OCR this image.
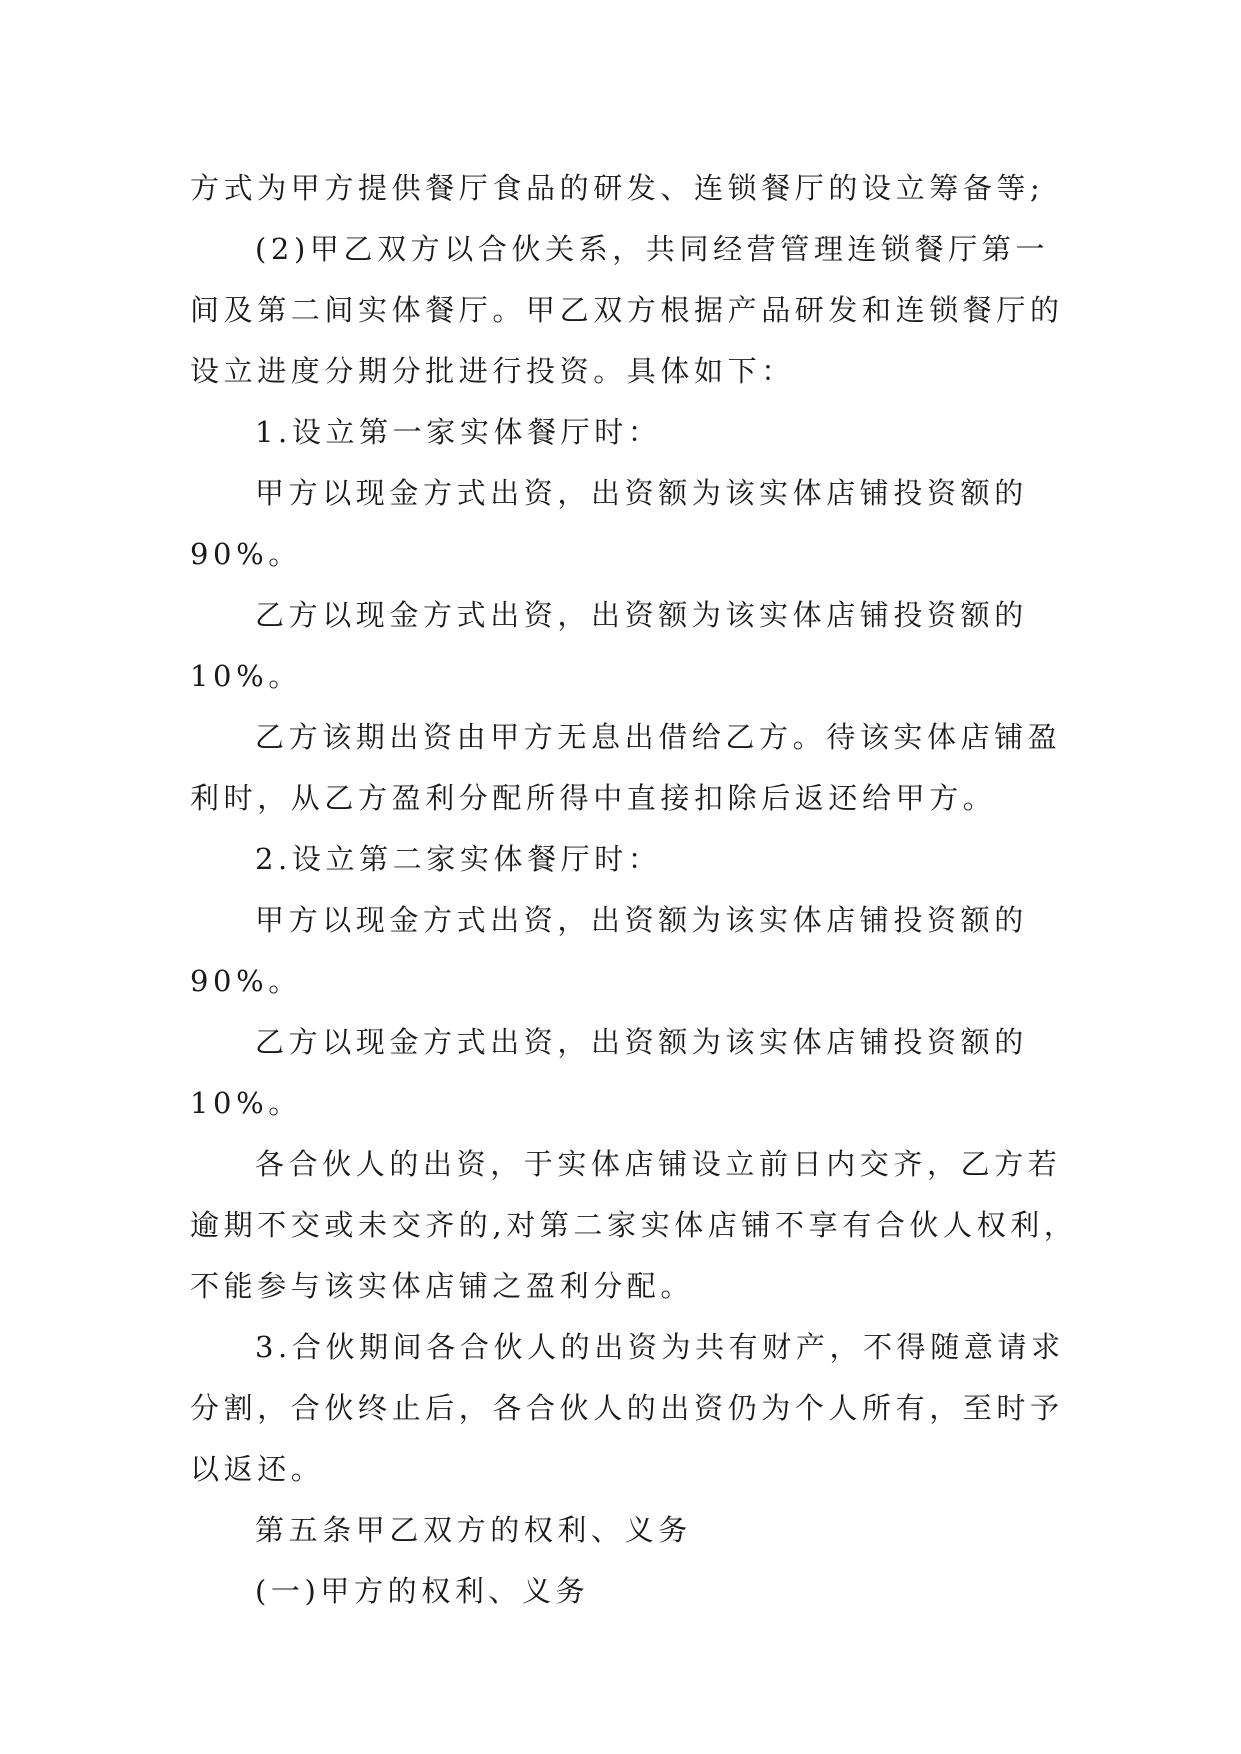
方式为甲方提供餐厅食品的研发、连锁餐厅的设立筹备等;
(2)甲乙双方以合伙关系，共同经营管理连锁餐厅第一
间及第二间实体餐厅。甲乙双方根据产品研发和连锁餐厅的
设立进度分期分批进行投资。具体如下：
1.设立第一家实体餐厅时：
甲方以现金方式出资，出资额为该实体店铺投资额的
90%。
乙方以现金方式出资，出资额为该实体店铺投资额的
10%。
乙方该期出资由甲方无息出借给乙方。待该实体店铺盈
利时，从乙方盈利分配所得中直接扣除后返还给甲方。
2.设立第二家实体餐厅时：
甲方以现金方式出资，出资额为该实体店铺投资额的
90%。
乙方以现金方式出资，出资额为该实体店铺投资额的
10%。
各合伙人的出资，于实体店铺设立前日内交齐，乙方若
逾期不交或未交齐的,对第二家实体店铺不享有合伙人权利，
不能参与该实体店铺之盈利分配。
3.合伙期间各合伙人的出资为共有财产，不得随意请求
分割，合伙终止后，各合伙人的出资仍为个人所有，至时予
以返还。
第五条甲乙双方的权利、义务
(一)甲方的权利、义务
